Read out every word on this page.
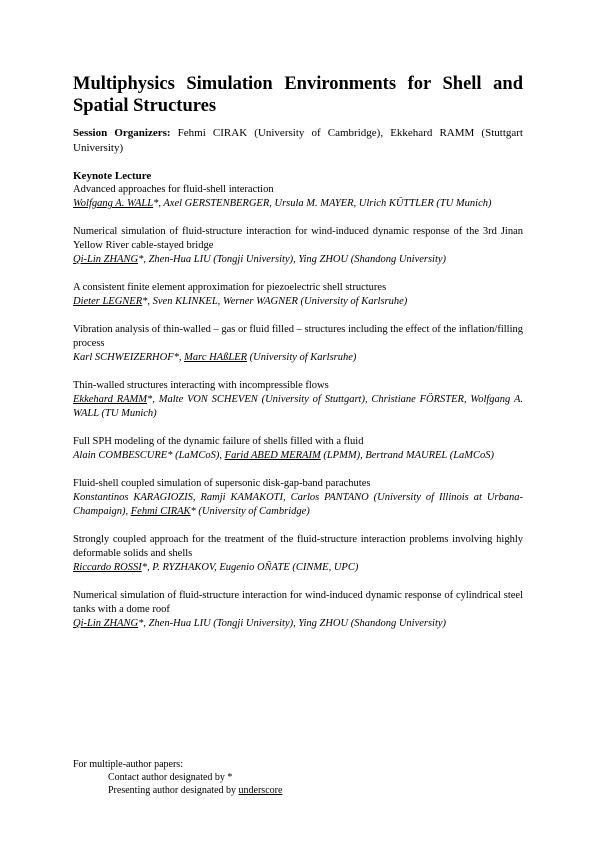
Multiphysics Simulation Environments for Shell and Spatial Structures
Session Organizers: Fehmi CIRAK (University of Cambridge), Ekkehard RAMM (Stuttgart University)
Keynote Lecture
Advanced approaches for fluid-shell interaction
Wolfgang A. WALL*, Axel GERSTENBERGER, Ursula M. MAYER, Ulrich KÜTTLER (TU Munich)
Numerical simulation of fluid-structure interaction for wind-induced dynamic response of the 3rd Jinan Yellow River cable-stayed bridge
Qi-Lin ZHANG*, Zhen-Hua LIU (Tongji University), Ying ZHOU (Shandong University)
A consistent finite element approximation for piezoelectric shell structures
Dieter LEGNER*, Sven KLINKEL, Werner WAGNER (University of Karlsruhe)
Vibration analysis of thin-walled – gas or fluid filled – structures including the effect of the inflation/filling process
Karl SCHWEIZERHOF*, Marc HAßLER (University of Karlsruhe)
Thin-walled structures interacting with incompressible flows
Ekkehard RAMM*, Malte VON SCHEVEN (University of Stuttgart), Christiane FÖRSTER, Wolfgang A. WALL (TU Munich)
Full SPH modeling of the dynamic failure of shells filled with a fluid
Alain COMBESCURE* (LaMCoS), Farid ABED MERAIM (LPMM), Bertrand MAUREL (LaMCoS)
Fluid-shell coupled simulation of supersonic disk-gap-band parachutes
Konstantinos KARAGIOZIS, Ramji KAMAKOTI, Carlos PANTANO (University of Illinois at Urbana-Champaign), Fehmi CIRAK* (University of Cambridge)
Strongly coupled approach for the treatment of the fluid-structure interaction problems involving highly deformable solids and shells
Riccardo ROSSI*, P. RYZHAKOV, Eugenio OÑATE (CINME, UPC)
Numerical simulation of fluid-structure interaction for wind-induced dynamic response of cylindrical steel tanks with a dome roof
Qi-Lin ZHANG*, Zhen-Hua LIU (Tongji University), Ying ZHOU (Shandong University)
For multiple-author papers:
Contact author designated by *
Presenting author designated by underscore
